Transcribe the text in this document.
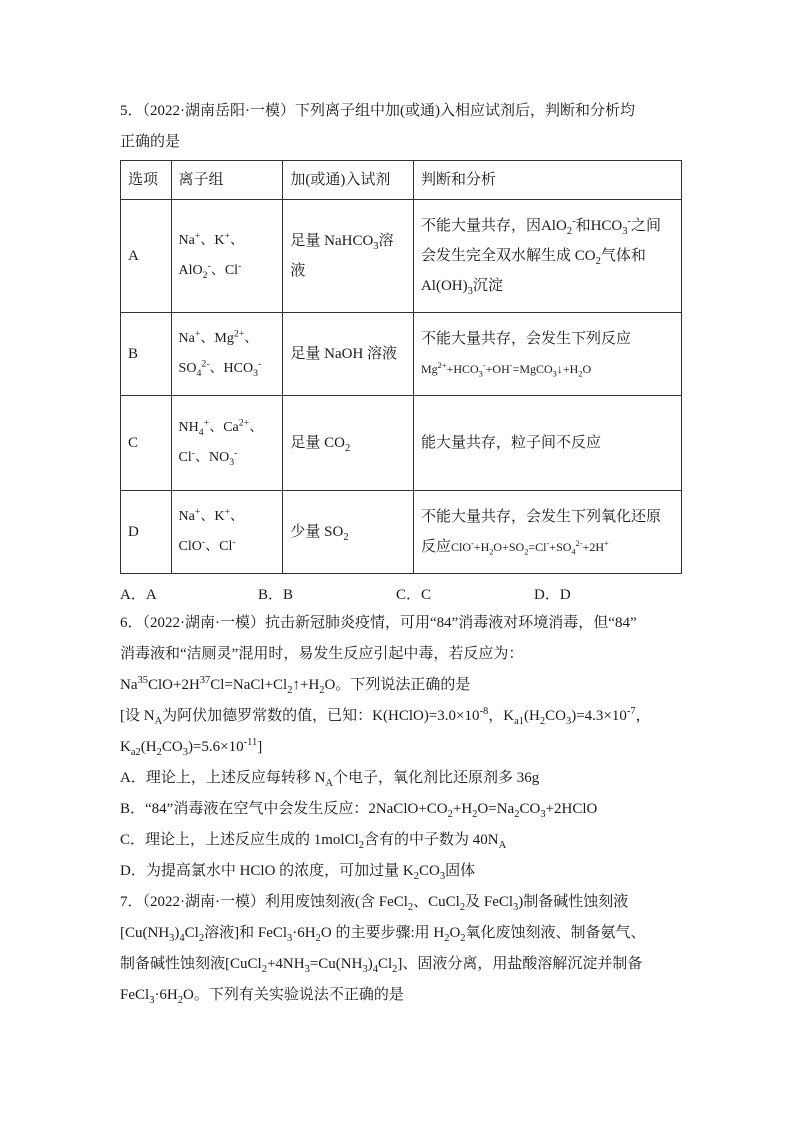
5．（2022·湖南岳阳·一模）下列离子组中加(或通)入相应试剂后，判断和分析均

正确的是

选项	离子组	加(或通)入试剂	判断和分析
A	Na+、K+、
AlO$_2$-、Cl-	足量 NaHCO$_3$溶
液	不能大量共存，因AlO$_2$-和$HCO_3^-$之间
会发生完全双水解生成 $CO_2$气体和
$Al(OH)_3$沉淀

B	Na+、$Mg^{2+}$、
$SO_4^{2-}$、$HCO_3^-$	足量 NaOH 溶液	不能大量共存，会发生下列反应
$Mg^{2+}+HCO_3^-+OH^-=MgCO_3↓+H_2O$

C	$NH_4^+$、$Ca^{2+}$、
Cl-、$NO_3^-$	足量 $CO_2$	能大量共存，粒子间不反应

D	Na+、K+、
ClO-、Cl-	少量 $SO_2$	不能大量共存，会发生下列氧化还原
反应$ClO^-+H_2O+SO_2=Cl^-+SO_4^{2-}+2H^+$
A．A	B．B	C．C	D．D

6．（2022·湖南·一模）抗击新冠肺炎疫情，可用“84”消毒液对环境消毒，但“84”

消毒液和“洁厕灵”混用时，易发生反应引起中毒，若反应为：

$Na^{35}ClO+2H^{37}Cl=NaCl+Cl_2↑+H_2O$。下列说法正确的是

[设 $N_A$为阿伏加德罗常数的值，已知：$K(HClO)=3.0\times 10^{-8}$，$K_{a1}(H_2CO_3)=4.3\times 10^{-7}$，

$K_{a2}(H_2CO_3)=5.6\times 10^{-11}$]

A．理论上，上述反应每转移 $N_A$个电子，氧化剂比还原剂多 36g

B．“84”消毒液在空气中会发生反应：$2NaClO+CO_2+H_2O=Na_2CO_3+2HClO$

C．理论上，上述反应生成的 1molCl$_2$含有的中子数为 $40N_A$

D．为提高氯水中 HClO 的浓度，可加过量 $K_2CO_3$固体

7．（2022·湖南·一模）利用废蚀刻液(含 FeCl$_2$、CuCl$_2$及 FeCl$_3$)制备碱性蚀刻液

[$Cu(NH_3)_4Cl_2$溶液]和 $FeCl_3\cdot 6H_2O$ 的主要步骤:用 $H_2O_2$氧化废蚀刻液、制备氨气、

制备碱性蚀刻液$[CuCl_2+4NH_3=Cu(NH_3)_4Cl_2]$、固液分离，用盐酸溶解沉淀并制备

$FeCl_3\cdot 6H_2O$。下列有关实验说法不正确的是
